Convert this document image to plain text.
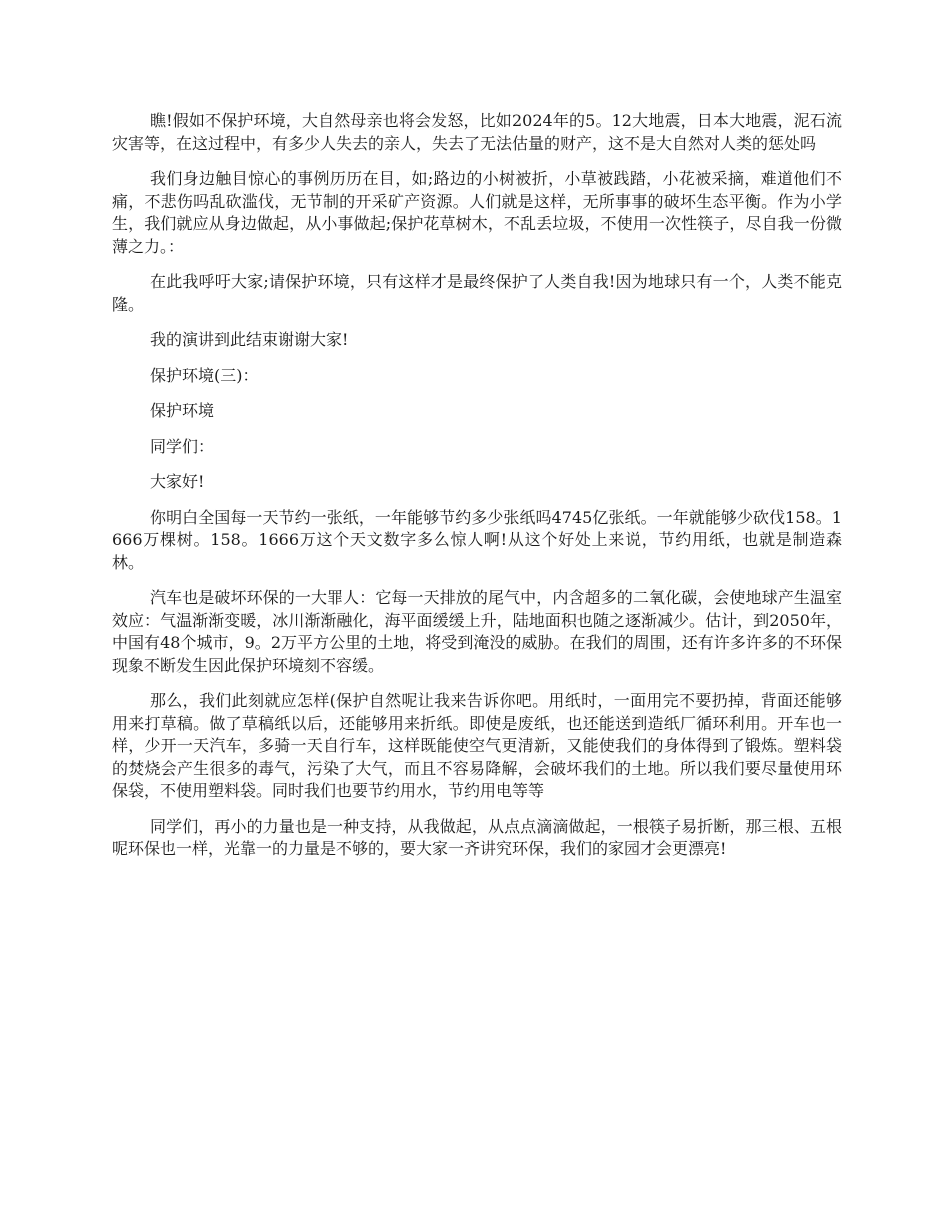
瞧!假如不保护环境，大自然母亲也将会发怒，比如2024年的5。12大地震，日本大地震，泥石流灾害等，在这过程中，有多少人失去的亲人，失去了无法估量的财产，这不是大自然对人类的惩处吗

我们身边触目惊心的事例历历在目，如;路边的小树被折，小草被践踏，小花被采摘，难道他们不痛，不悲伤吗乱砍滥伐，无节制的开采矿产资源。人们就是这样，无所事事的破坏生态平衡。作为小学生，我们就应从身边做起，从小事做起;保护花草树木，不乱丢垃圾，不使用一次性筷子，尽自我一份微薄之力。：

在此我呼吁大家;请保护环境，只有这样才是最终保护了人类自我!因为地球只有一个，人类不能克隆。

我的演讲到此结束谢谢大家!

保护环境(三)：

保护环境

同学们：

大家好!

你明白全国每一天节约一张纸，一年能够节约多少张纸吗4745亿张纸。一年就能够少砍伐158。1666万棵树。158。1666万这个天文数字多么惊人啊!从这个好处上来说，节约用纸，也就是制造森林。

汽车也是破坏环保的一大罪人：它每一天排放的尾气中，内含超多的二氧化碳，会使地球产生温室效应：气温渐渐变暖，冰川渐渐融化，海平面缓缓上升，陆地面积也随之逐渐减少。估计，到2050年，中国有48个城市，9。2万平方公里的土地，将受到淹没的威胁。在我们的周围，还有许多许多的不环保现象不断发生因此保护环境刻不容缓。

那么，我们此刻就应怎样(保护自然呢让我来告诉你吧。用纸时，一面用完不要扔掉，背面还能够用来打草稿。做了草稿纸以后，还能够用来折纸。即使是废纸，也还能送到造纸厂循环利用。开车也一样，少开一天汽车，多骑一天自行车，这样既能使空气更清新，又能使我们的身体得到了锻炼。塑料袋的焚烧会产生很多的毒气，污染了大气，而且不容易降解，会破坏我们的土地。所以我们要尽量使用环保袋，不使用塑料袋。同时我们也要节约用水，节约用电等等

同学们，再小的力量也是一种支持，从我做起，从点点滴滴做起，一根筷子易折断，那三根、五根呢环保也一样，光靠一的力量是不够的，要大家一齐讲究环保，我们的家园才会更漂亮!
